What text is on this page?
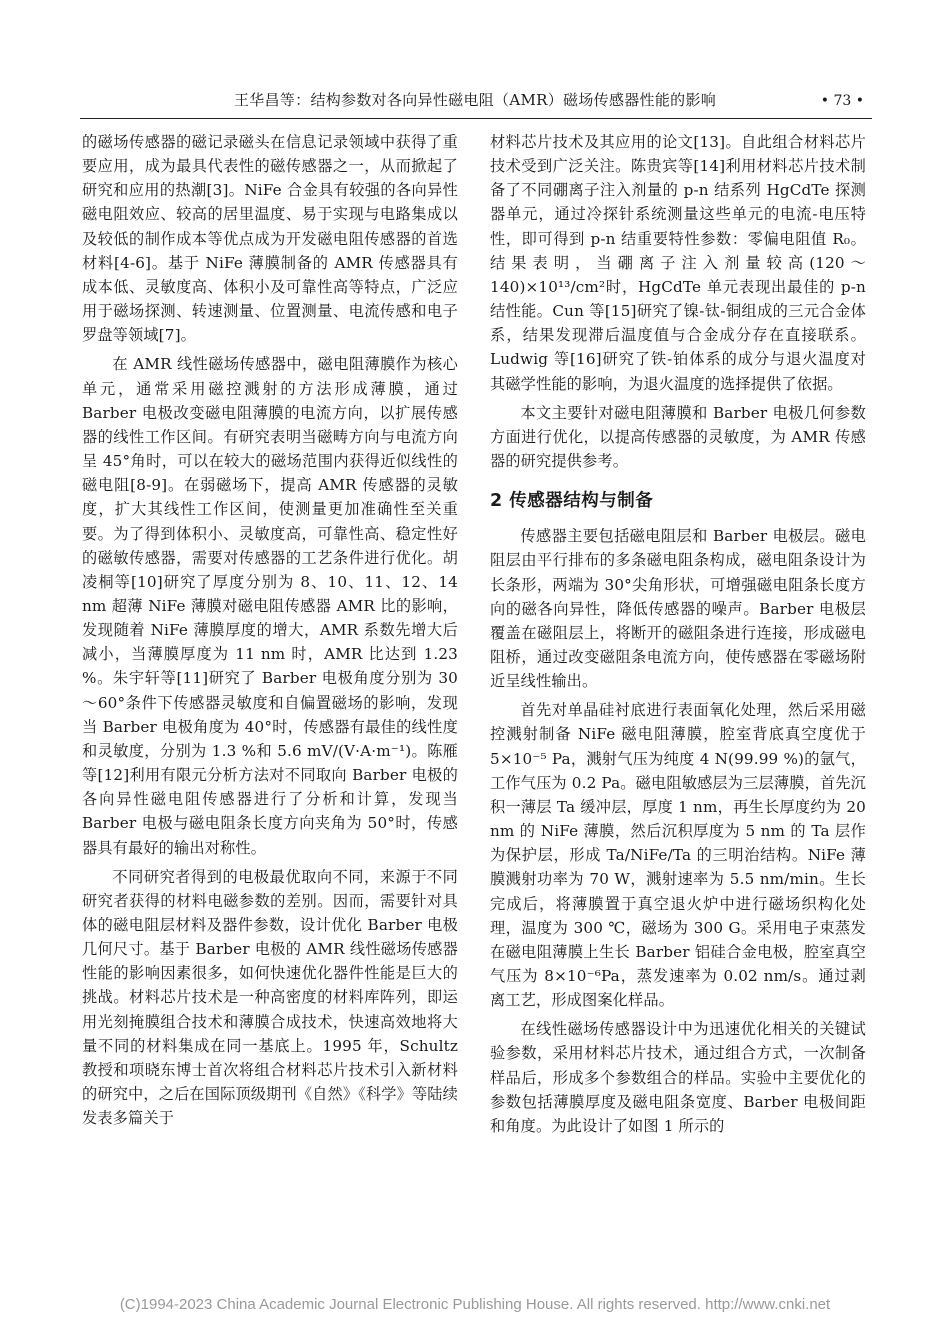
王华昌等：结构参数对各向异性磁电阻（AMR）磁场传感器性能的影响	• 73 •

的磁场传感器的磁记录磁头在信息记录领域中获得了重要应用，成为最具代表性的磁传感器之一，从而掀起了研究和应用的热潮[3]。NiFe 合金具有较强的各向异性磁电阻效应、较高的居里温度、易于实现与电路集成以及较低的制作成本等优点成为开发磁电阻传感器的首选材料[4-6]。基于 NiFe 薄膜制备的 AMR 传感器具有成本低、灵敏度高、体积小及可靠性高等特点，广泛应用于磁场探测、转速测量、位置测量、电流传感和电子罗盘等领域[7]。

在 AMR 线性磁场传感器中，磁电阻薄膜作为核心单元，通常采用磁控溅射的方法形成薄膜，通过 Barber 电极改变磁电阻薄膜的电流方向，以扩展传感器的线性工作区间。有研究表明当磁畴方向与电流方向呈 45°角时，可以在较大的磁场范围内获得近似线性的磁电阻[8-9]。在弱磁场下，提高 AMR 传感器的灵敏度，扩大其线性工作区间，使测量更加准确性至关重要。为了得到体积小、灵敏度高，可靠性高、稳定性好的磁敏传感器，需要对传感器的工艺条件进行优化。胡凌桐等[10]研究了厚度分别为 8、10、11、12、14 nm 超薄 NiFe 薄膜对磁电阻传感器 AMR 比的影响，发现随着 NiFe 薄膜厚度的增大，AMR 系数先增大后减小，当薄膜厚度为 11 nm 时，AMR 比达到 1.23 %。朱宇轩等[11]研究了 Barber 电极角度分别为 30～60°条件下传感器灵敏度和自偏置磁场的影响，发现当 Barber 电极角度为 40°时，传感器有最佳的线性度和灵敏度，分别为 1.3 %和 5.6 mV/(V·A·m⁻¹)。陈雁等[12]利用有限元分析方法对不同取向 Barber 电极的各向异性磁电阻传感器进行了分析和计算，发现当 Barber 电极与磁电阻条长度方向夹角为 50°时，传感器具有最好的输出对称性。

不同研究者得到的电极最优取向不同，来源于不同研究者获得的材料电磁参数的差别。因而，需要针对具体的磁电阻层材料及器件参数，设计优化 Barber 电极几何尺寸。基于 Barber 电极的 AMR 线性磁场传感器性能的影响因素很多，如何快速优化器件性能是巨大的挑战。材料芯片技术是一种高密度的材料库阵列，即运用光刻掩膜组合技术和薄膜合成技术，快速高效地将大量不同的材料集成在同一基底上。1995 年，Schultz 教授和项晓东博士首次将组合材料芯片技术引入新材料的研究中，之后在国际顶级期刊《自然》《科学》等陆续发表多篇关于

材料芯片技术及其应用的论文[13]。自此组合材料芯片技术受到广泛关注。陈贵宾等[14]利用材料芯片技术制备了不同硼离子注入剂量的 p-n 结系列 HgCdTe 探测器单元，通过冷探针系统测量这些单元的电流-电压特性，即可得到 p-n 结重要特性参数：零偏电阻值 R₀。结果表明，当硼离子注入剂量较高(120～140)×10¹³/cm²时，HgCdTe 单元表现出最佳的 p-n 结性能。Cun 等[15]研究了镍-钛-铜组成的三元合金体系，结果发现滞后温度值与合金成分存在直接联系。Ludwig 等[16]研究了铁-铂体系的成分与退火温度对其磁学性能的影响，为退火温度的选择提供了依据。

本文主要针对磁电阻薄膜和 Barber 电极几何参数方面进行优化，以提高传感器的灵敏度，为 AMR 传感器的研究提供参考。

2 传感器结构与制备

传感器主要包括磁电阻层和 Barber 电极层。磁电阻层由平行排布的多条磁电阻条构成，磁电阻条设计为长条形，两端为 30°尖角形状，可增强磁电阻条长度方向的磁各向异性，降低传感器的噪声。Barber 电极层覆盖在磁阻层上，将断开的磁阻条进行连接，形成磁电阻桥，通过改变磁阻条电流方向，使传感器在零磁场附近呈线性输出。

首先对单晶硅衬底进行表面氧化处理，然后采用磁控溅射制备 NiFe 磁电阻薄膜，腔室背底真空度优于 5×10⁻⁵ Pa，溅射气压为纯度 4 N(99.99 %)的氩气，工作气压为 0.2 Pa。磁电阻敏感层为三层薄膜，首先沉积一薄层 Ta 缓冲层，厚度 1 nm，再生长厚度约为 20 nm 的 NiFe 薄膜，然后沉积厚度为 5 nm 的 Ta 层作为保护层，形成 Ta/NiFe/Ta 的三明治结构。NiFe 薄膜溅射功率为 70 W，溅射速率为 5.5 nm/min。生长完成后，将薄膜置于真空退火炉中进行磁场织构化处理，温度为 300 ℃，磁场为 300 G。采用电子束蒸发在磁电阻薄膜上生长 Barber 铝硅合金电极，腔室真空气压为 8×10⁻⁶Pa，蒸发速率为 0.02 nm/s。通过剥离工艺，形成图案化样品。

在线性磁场传感器设计中为迅速优化相关的关键试验参数，采用材料芯片技术，通过组合方式，一次制备样品后，形成多个参数组合的样品。实验中主要优化的参数包括薄膜厚度及磁电阻条宽度、Barber 电极间距和角度。为此设计了如图 1 所示的

(C)1994-2023 China Academic Journal Electronic Publishing House. All rights reserved. http://www.cnki.net
